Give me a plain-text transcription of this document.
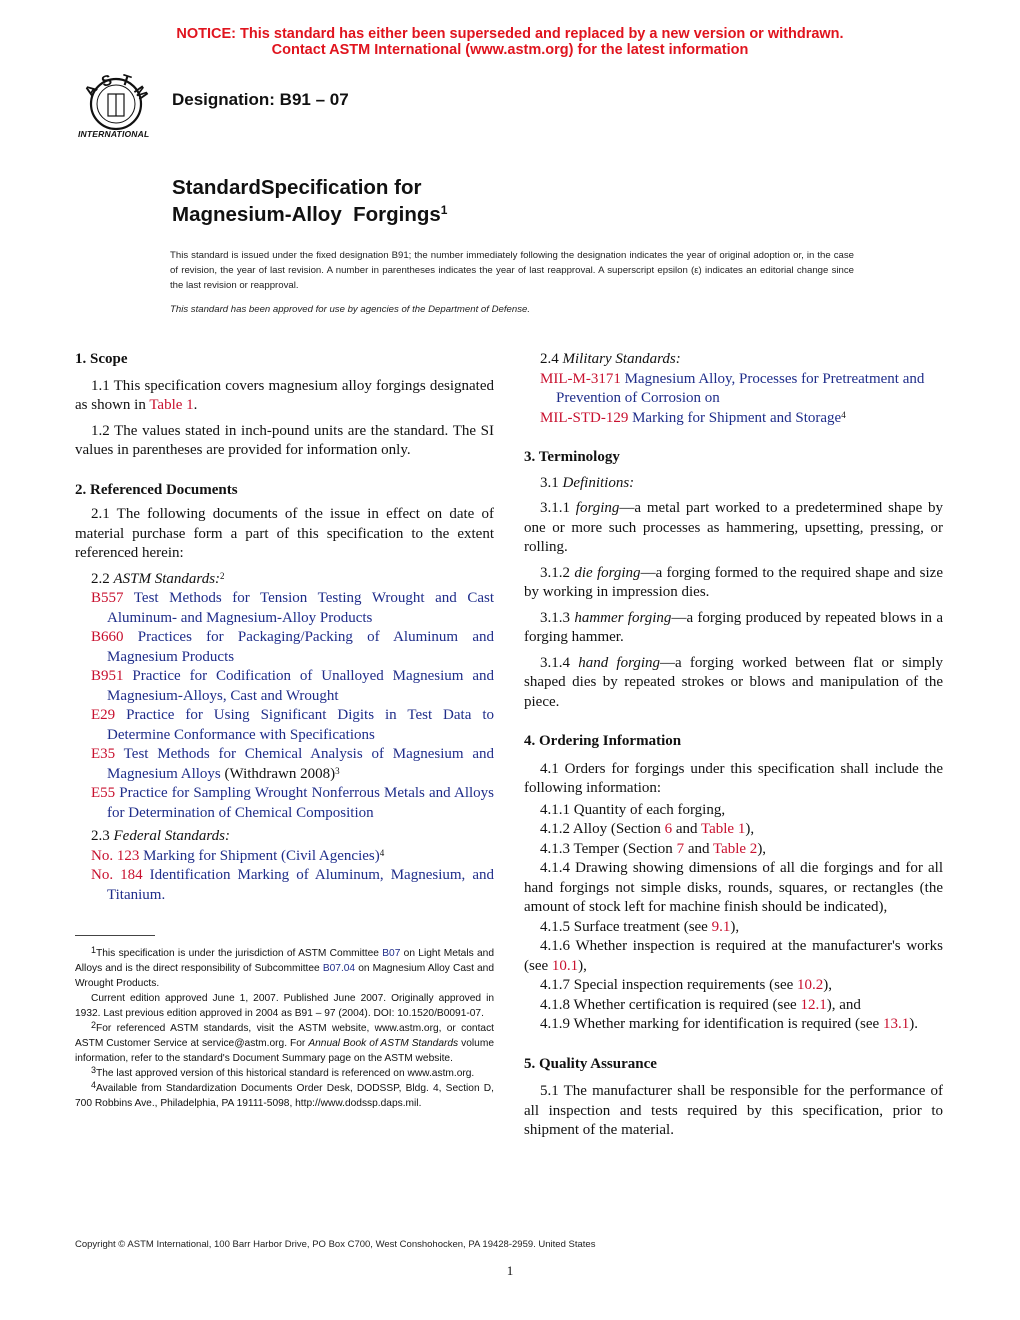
NOTICE: This standard has either been superseded and replaced by a new version or withdrawn.
Contact ASTM International (www.astm.org) for the latest information
A
S T
M
INTERNATIONAL
Designation: B91 – 07
StandardSpecification for
Magnesium-Alloy  Forgings$^1$
This standard is issued under the fixed designation B91; the number immediately following the designation indicates the year of original adoption or, in the case of revision, the year of last revision. A number in parentheses indicates the year of last reapproval. A superscript epsilon (ε) indicates an editorial change since the last revision or reapproval.
This standard has been approved for use by agencies of the Department of Defense.

1. Scope

1.1 This specification covers magnesium alloy forgings designated as shown in Table 1.

1.2 The values stated in inch-pound units are the standard. The SI values in parentheses are provided for information only.

2. Referenced Documents

2.1 The following documents of the issue in effect on date of material purchase form a part of this specification to the extent referenced herein:

2.2 ASTM Standards:$^2$

B557 Test Methods for Tension Testing Wrought and Cast Aluminum- and Magnesium-Alloy Products

B660 Practices for Packaging/Packing of Aluminum and Magnesium Products

B951 Practice for Codification of Unalloyed Magnesium and Magnesium-Alloys, Cast and Wrought

E29 Practice for Using Significant Digits in Test Data to Determine Conformance with Specifications

E35 Test Methods for Chemical Analysis of Magnesium and Magnesium Alloys (Withdrawn 2008)$^3$

E55 Practice for Sampling Wrought Nonferrous Metals and Alloys for Determination of Chemical Composition

2.3 Federal Standards:

No. 123 Marking for Shipment (Civil Agencies)$^4$

No. 184 Identification Marking of Aluminum, Magnesium, and Titanium.

$^1$This specification is under the jurisdiction of ASTM Committee B07 on Light Metals and Alloys and is the direct responsibility of Subcommittee B07.04 on Magnesium Alloy Cast and Wrought Products.

Current edition approved June 1, 2007. Published June 2007. Originally approved in 1932. Last previous edition approved in 2004 as B91 – 97 (2004). DOI: 10.1520/B0091-07.

$^2$For referenced ASTM standards, visit the ASTM website, www.astm.org, or contact ASTM Customer Service at service@astm.org. For Annual Book of ASTM Standards volume information, refer to the standard's Document Summary page on the ASTM website.

$^3$The last approved version of this historical standard is referenced on www.astm.org.

$^4$Available from Standardization Documents Order Desk, DODSSP, Bldg. 4, Section D, 700 Robbins Ave., Philadelphia, PA 19111-5098, http://www.dodssp.daps.mil.

2.4 Military Standards:

MIL-M-3171 Magnesium Alloy, Processes for Pretreatment and Prevention of Corrosion on

MIL-STD-129 Marking for Shipment and Storage$^4$

3. Terminology

3.1 Definitions:

3.1.1 forging—a metal part worked to a predetermined shape by one or more such processes as hammering, upsetting, pressing, or rolling.

3.1.2 die forging—a forging formed to the required shape and size by working in impression dies.

3.1.3 hammer forging—a forging produced by repeated blows in a forging hammer.

3.1.4 hand forging—a forging worked between flat or simply shaped dies by repeated strokes or blows and manipulation of the piece.

4. Ordering Information

4.1 Orders for forgings under this specification shall include the following information:

4.1.1 Quantity of each forging,

4.1.2 Alloy (Section 6 and Table 1),

4.1.3 Temper (Section 7 and Table 2),

4.1.4 Drawing showing dimensions of all die forgings and for all hand forgings not simple disks, rounds, squares, or rectangles (the amount of stock left for machine finish should be indicated),

4.1.5 Surface treatment (see 9.1),

4.1.6 Whether inspection is required at the manufacturer's works (see 10.1),

4.1.7 Special inspection requirements (see 10.2),

4.1.8 Whether certification is required (see 12.1), and

4.1.9 Whether marking for identification is required (see 13.1).

5. Quality Assurance

5.1 The manufacturer shall be responsible for the performance of all inspection and tests required by this specification, prior to shipment of the material.

Copyright © ASTM International, 100 Barr Harbor Drive, PO Box C700, West Conshohocken, PA 19428-2959. United States
1
